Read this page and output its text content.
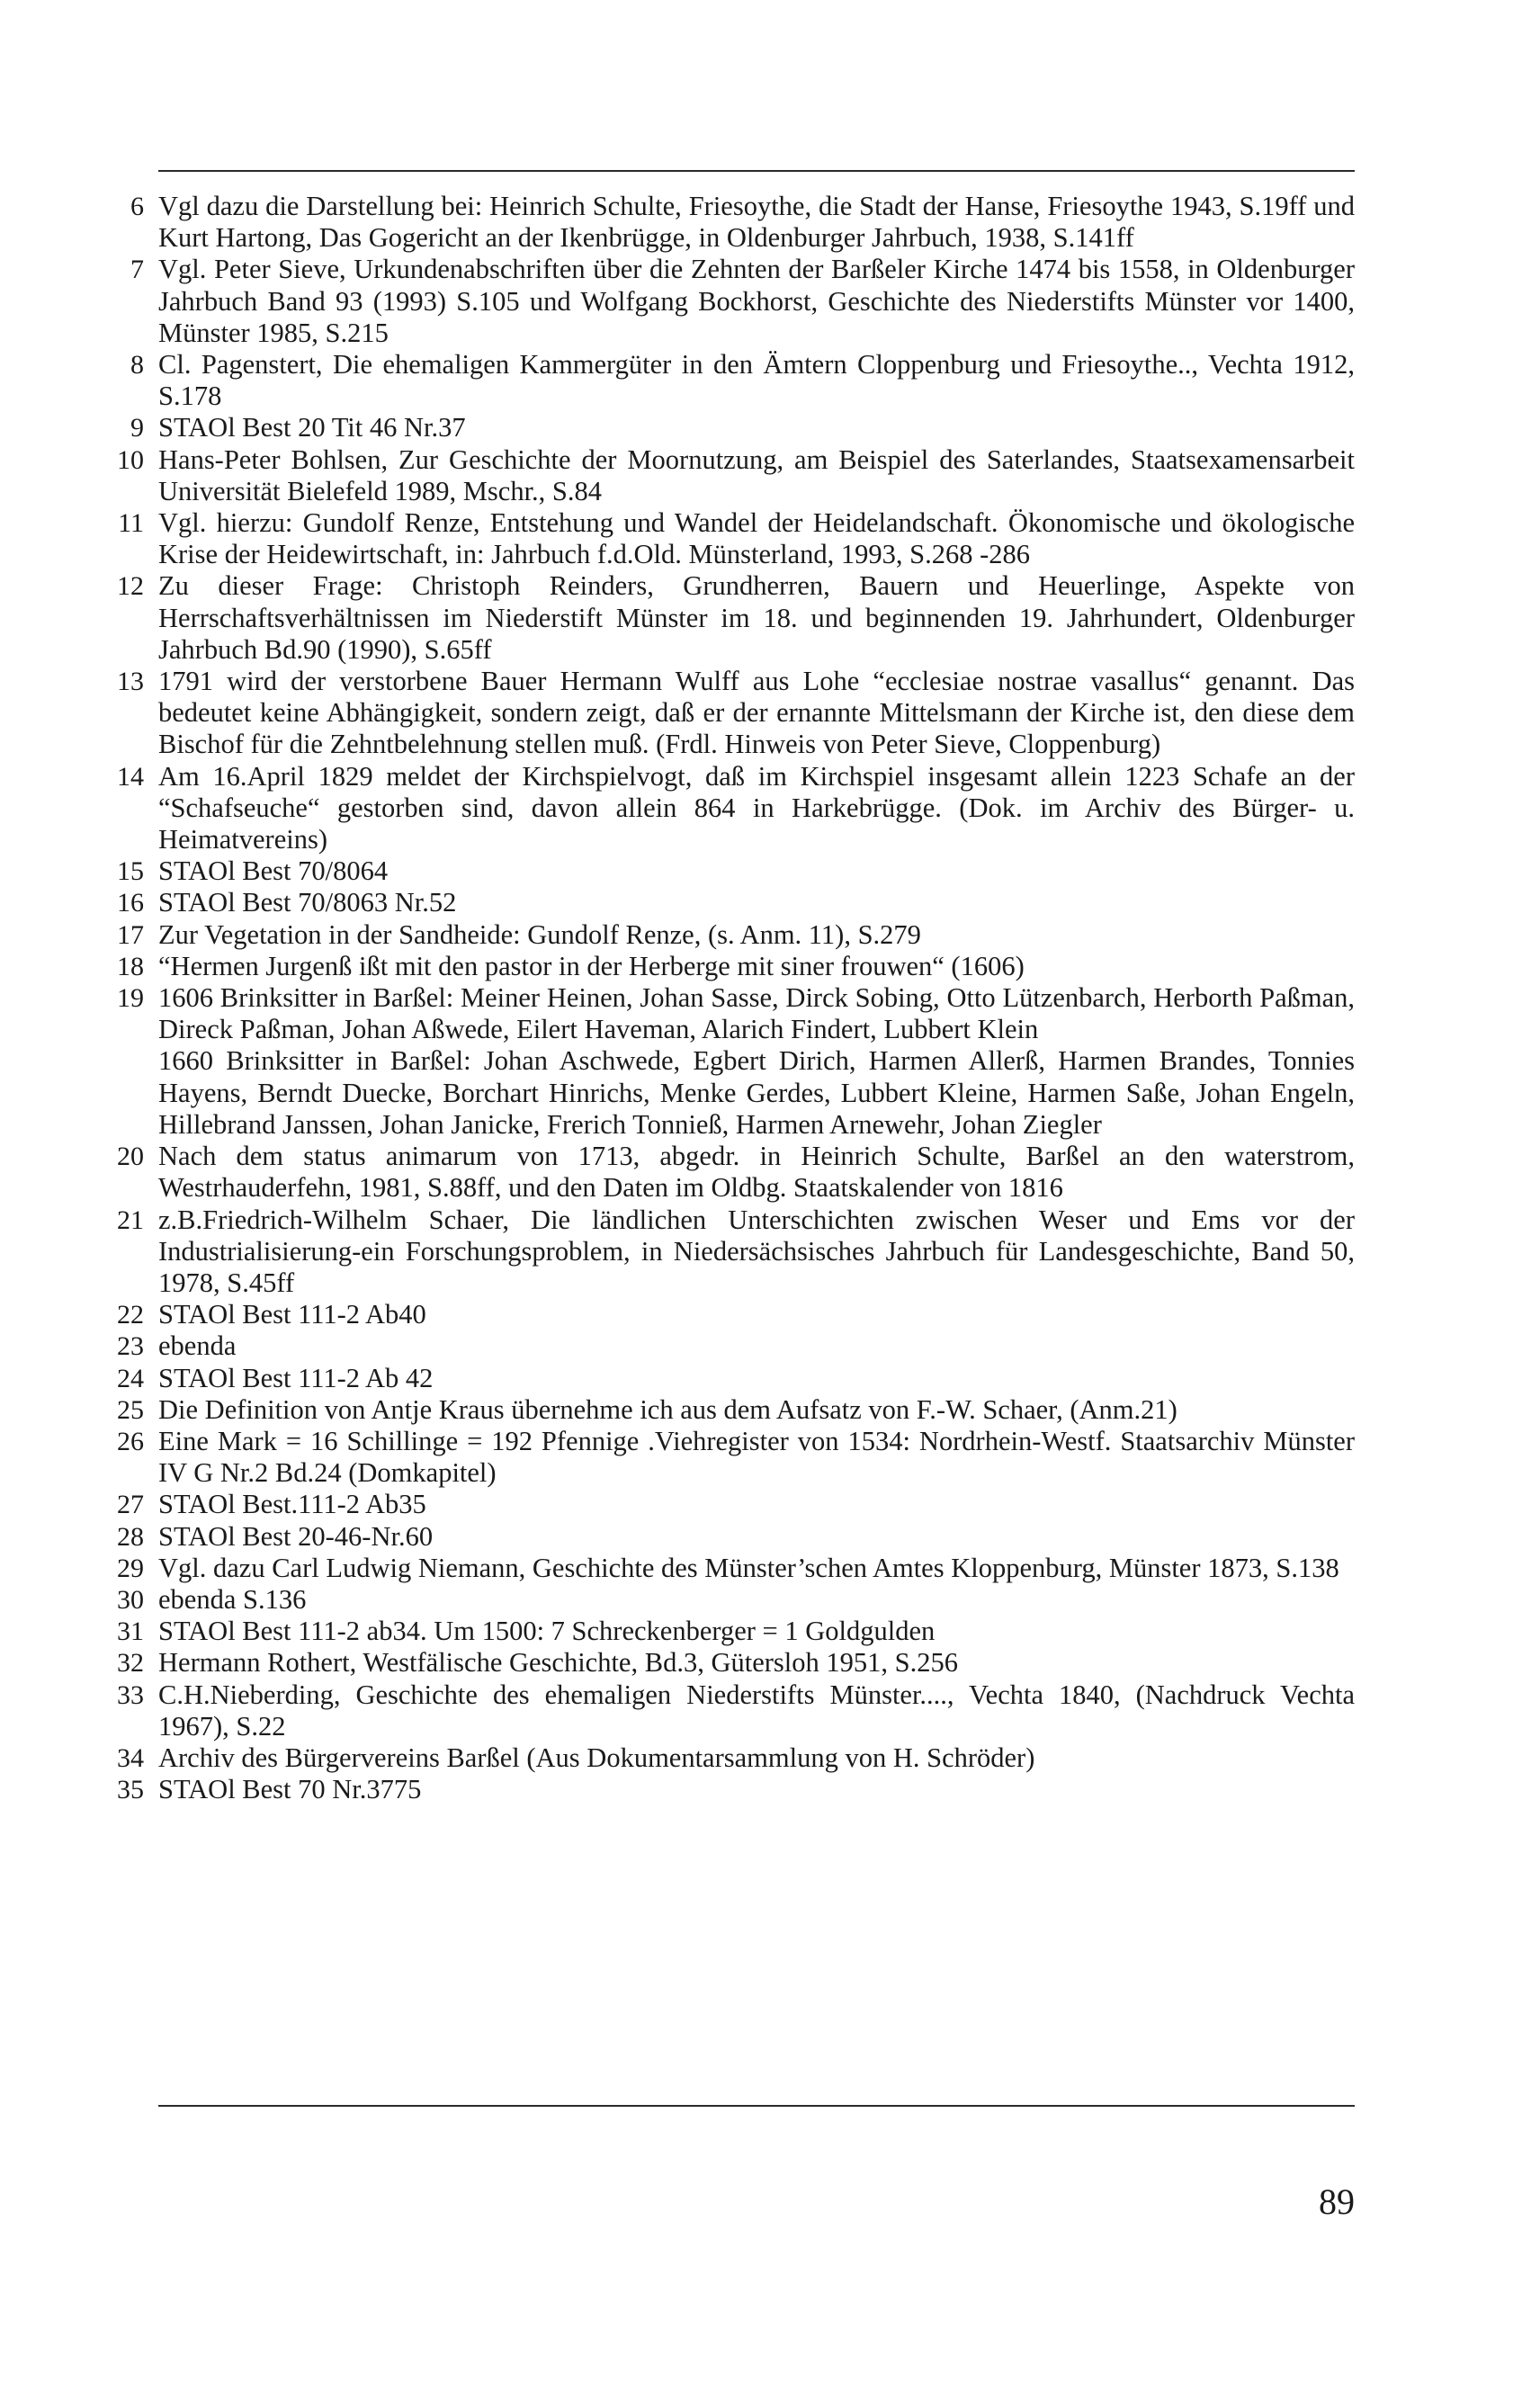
6 Vgl dazu die Darstellung bei: Heinrich Schulte, Friesoythe, die Stadt der Hanse, Friesoythe 1943, S.19ff und Kurt Hartong, Das Gogericht an der Ikenbrügge, in Oldenburger Jahrbuch, 1938, S.141ff
7 Vgl. Peter Sieve, Urkundenabschriften über die Zehnten der Barßeler Kirche 1474 bis 1558, in Oldenburger Jahrbuch Band 93 (1993) S.105 und Wolfgang Bockhorst, Geschichte des Niederstifts Münster vor 1400, Münster 1985, S.215
8 Cl. Pagenstert, Die ehemaligen Kammergüter in den Ämtern Cloppenburg und Friesoythe.., Vechta 1912, S.178
9 STAOl Best 20 Tit 46 Nr.37
10 Hans-Peter Bohlsen, Zur Geschichte der Moornutzung, am Beispiel des Saterlandes, Staatsexamensarbeit Universität Bielefeld 1989, Mschr., S.84
11 Vgl. hierzu: Gundolf Renze, Entstehung und Wandel der Heidelandschaft. Ökonomische und ökologische Krise der Heidewirtschaft, in: Jahrbuch f.d.Old. Münsterland, 1993, S.268 -286
12 Zu dieser Frage: Christoph Reinders, Grundherren, Bauern und Heuerlinge, Aspekte von Herrschaftsverhältnissen im Niederstift Münster im 18. und beginnenden 19. Jahrhundert, Oldenburger Jahrbuch Bd.90 (1990), S.65ff
13 1791 wird der verstorbene Bauer Hermann Wulff aus Lohe “ecclesiae nostrae vasallus“ genannt. Das bedeutet keine Abhängigkeit, sondern zeigt, daß er der ernannte Mittelsmann der Kirche ist, den diese dem Bischof für die Zehntbelehnung stellen muß. (Frdl. Hinweis von Peter Sieve, Cloppenburg)
14 Am 16.April 1829 meldet der Kirchspielvogt, daß im Kirchspiel insgesamt allein 1223 Schafe an der “Schafseuche“ gestorben sind, davon allein 864 in Harkebrügge. (Dok. im Archiv des Bürger- u. Heimatvereins)
15 STAOl Best 70/8064
16 STAOl Best 70/8063 Nr.52
17 Zur Vegetation in der Sandheide: Gundolf Renze, (s. Anm. 11), S.279
18 “Hermen Jurgenß ißt mit den pastor in der Herberge mit siner frouwen“ (1606)
19 1606 Brinksitter in Barßel: Meiner Heinen, Johan Sasse, Dirck Sobing, Otto Lützenbarch, Herborth Paßman, Direck Paßman, Johan Aßwede, Eilert Haveman, Alarich Findert, Lubbert Klein
1660 Brinksitter in Barßel: Johan Aschwede, Egbert Dirich, Harmen Allerß, Harmen Brandes, Tonnies Hayens, Berndt Duecke, Borchart Hinrichs, Menke Gerdes, Lubbert Kleine, Harmen Saße, Johan Engeln, Hillebrand Janssen, Johan Janicke, Frerich Tonnieß, Harmen Arnewehr, Johan Ziegler
20 Nach dem status animarum von 1713, abgedr. in Heinrich Schulte, Barßel an den waterstrom, Westrhauderfehn, 1981, S.88ff, und den Daten im Oldbg. Staatskalender von 1816
21 z.B.Friedrich-Wilhelm Schaer, Die ländlichen Unterschichten zwischen Weser und Ems vor der Industrialisierung-ein Forschungsproblem, in Niedersächsisches Jahrbuch für Landesgeschichte, Band 50, 1978, S.45ff
22 STAOl Best 111-2 Ab40
23 ebenda
24 STAOl Best 111-2 Ab 42
25 Die Definition von Antje Kraus übernehme ich aus dem Aufsatz von F.-W. Schaer, (Anm.21)
26 Eine Mark = 16 Schillinge = 192 Pfennige .Viehregister von 1534: Nordrhein-Westf. Staatsarchiv Münster IV G Nr.2 Bd.24 (Domkapitel)
27 STAOl Best.111-2 Ab35
28 STAOl Best 20-46-Nr.60
29 Vgl. dazu Carl Ludwig Niemann, Geschichte des Münster’schen Amtes Kloppenburg, Münster 1873, S.138
30 ebenda S.136
31 STAOl Best 111-2 ab34. Um 1500: 7 Schreckenberger = 1 Goldgulden
32 Hermann Rothert, Westfälische Geschichte, Bd.3, Gütersloh 1951, S.256
33 C.H.Nieberding, Geschichte des ehemaligen Niederstifts Münster...., Vechta 1840, (Nachdruck Vechta 1967), S.22
34 Archiv des Bürgervereins Barßel (Aus Dokumentarsammlung von H. Schröder)
35 STAOl Best 70 Nr.3775
89
